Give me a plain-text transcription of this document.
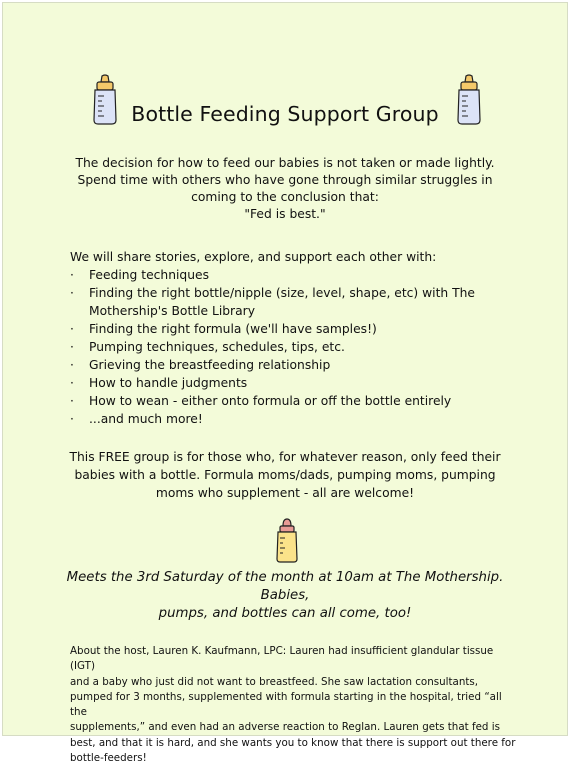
Bottle Feeding Support Group
The decision for how to feed our babies is not taken or made lightly.
Spend time with others who have gone through similar struggles in
coming to the conclusion that:
"Fed is best."
We will share stories, explore, and support each other with:
· Feeding techniques
· Finding the right bottle/nipple (size, level, shape, etc) with The
Mothership's Bottle Library
· Finding the right formula (we'll have samples!)
· Pumping techniques, schedules, tips, etc.
· Grieving the breastfeeding relationship
· How to handle judgments
· How to wean - either onto formula or off the bottle entirely
· ...and much more!
This FREE group is for those who, for whatever reason, only feed their
babies with a bottle. Formula moms/dads, pumping moms, pumping
moms who supplement - all are welcome!
Meets the 3rd Saturday of the month at 10am at The Mothership. Babies,
pumps, and bottles can all come, too!
About the host, Lauren K. Kaufmann, LPC: Lauren had insufficient glandular tissue (IGT)
and a baby who just did not want to breastfeed. She saw lactation consultants,
pumped for 3 months, supplemented with formula starting in the hospital, tried “all the
supplements,” and even had an adverse reaction to Reglan. Lauren gets that fed is
best, and that it is hard, and she wants you to know that there is support out there for
bottle-feeders!
